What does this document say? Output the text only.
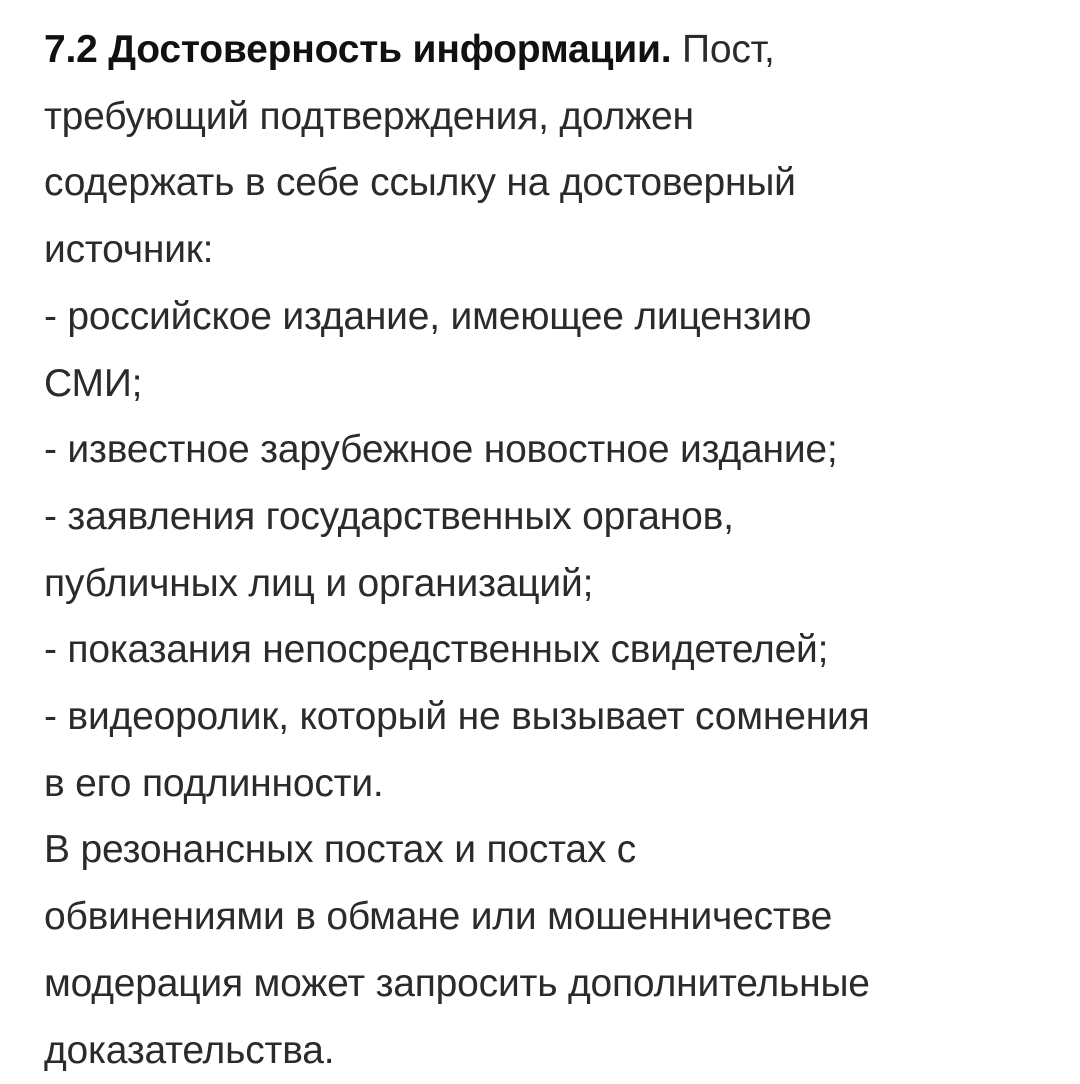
7.2 Достоверность информации. Пост,
требующий подтверждения, должен
содержать в себе ссылку на достоверный
источник:
- российское издание, имеющее лицензию
СМИ;
- известное зарубежное новостное издание;
- заявления государственных органов,
публичных лиц и организаций;
- показания непосредственных свидетелей;
- видеоролик, который не вызывает сомнения
в его подлинности.
В резонансных постах и постах с
обвинениями в обмане или мошенничестве
модерация может запросить дополнительные
доказательства.
